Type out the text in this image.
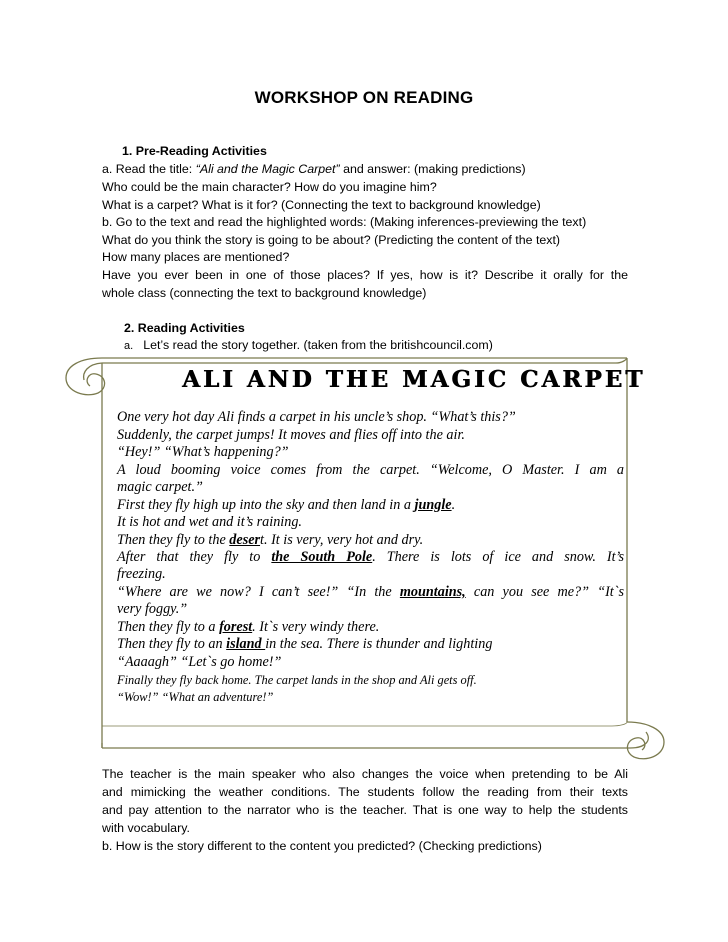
WORKSHOP ON READING
1. Pre-Reading Activities
a. Read the title: “Ali and the Magic Carpet” and answer: (making predictions)
Who could be the main character? How do you imagine him?
What is a carpet? What is it for? (Connecting the text to background knowledge)
b. Go to the text and read the highlighted words: (Making inferences-previewing the text)
What do you think the story is going to be about? (Predicting the content of the text)
How many places are mentioned?
Have you ever been in one of those places? If yes, how is it? Describe it orally for the
whole class (connecting the text to background knowledge)
2. Reading Activities
a. Let’s read the story together. (taken from the britishcouncil.com)
ALI AND THE MAGIC CARPET
One very hot day Ali finds a carpet in his uncle’s shop. “What’s this?”
Suddenly, the carpet jumps! It moves and flies off into the air.
“Hey!” “What’s happening?”
A loud booming voice comes from the carpet. “Welcome, O Master. I am a
magic carpet.”
First they fly high up into the sky and then land in a jungle.
It is hot and wet and it’s raining.
Then they fly to the desert. It is very, very hot and dry.
After that they fly to the South Pole. There is lots of ice and snow. It’s
freezing.
“Where are we now? I can’t see!” “In the mountains, can you see me?” “It`s
very foggy.”
Then they fly to a forest. It`s very windy there.
Then they fly to an island in the sea. There is thunder and lighting
“Aaaagh” “Let`s go home!”
Finally they fly back home. The carpet lands in the shop and Ali gets off.
“Wow!” “What an adventure!”
The teacher is the main speaker who also changes the voice when pretending to be Ali
and mimicking the weather conditions. The students follow the reading from their texts
and pay attention to the narrator who is the teacher. That is one way to help the students
with vocabulary.
b. How is the story different to the content you predicted? (Checking predictions)
